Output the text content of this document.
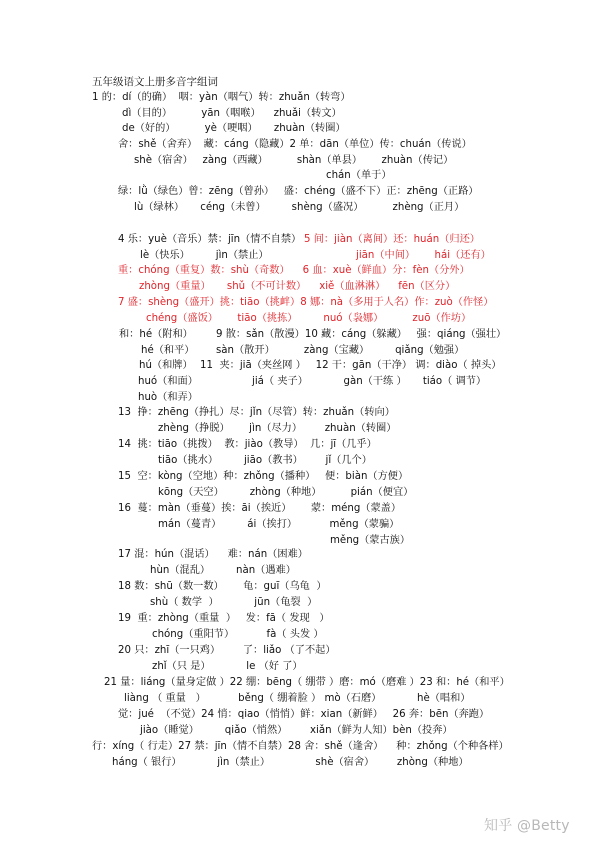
五年级语文上册多音字组词
1 的：dí（的确）  咽：yàn（咽气）转：zhuǎn（转弯）
dì（目的）         yān（咽喉）    zhuǎi（转文）
de（好的）         yè（哽咽）     zhuàn（转圈）
舍：shě（舍弃）  藏：cáng（隐藏）2 单：dān（单位）传：chuán（传说）
shè（宿舍）   zàng（西藏）         shàn（单县）      zhuàn（传记）
chán（单于）
绿：lǜ（绿色）曾：zēng（曾孙）   盛：chéng（盛不下）正：zhēng（正路）
lù（绿林）     céng（未曾）        shèng（盛况）         zhèng（正月）
4 乐：yuè（音乐）禁：jīn（情不自禁） 5 间：jiàn（离间）还：huán（归还）
lè（快乐）        jìn（禁止）	jiān（中间）      hái（还有）
重：chóng（重复）数：shù（奇数）    6 血：xuè（鲜血）分：fèn（分外）
zhòng（重量）     shǔ（不可计数）    xiě（血淋淋）    fēn（区分）
7 盛：shèng（盛开）挑：tiāo（挑衅）8 娜：nà（多用于人名）作：zuò（作怪）
chéng（盛饭）      tiāo（挑拣）        nuó（袅娜）         zuō（作坊）
和：hé（附和） 9 散：sǎn（散漫）10 藏：cáng（躲藏）   强：qiáng（强壮）
hé（和平） sàn（散开）         zàng（宝藏）        qiǎng（勉强）
hú（和牌） 11  夹：jiā（夹丝网 ）   12 干：gān（干净） 调：diào（ 掉头）
huó（和面）	jiá（ 夹子）           gàn（干练 ）     tiáo（ 调节）
huò（和弄）
13  挣：zhēng（挣扎）尽：jǐn（尽管）转：zhuǎn（转向）
zhèng（挣脱）      jìn（尽力）       zhuàn（转圈）
14  挑：tiāo（挑拨）  教：jiào（教导）  几：jī（几乎）
tiāo（挑水）        jiāo（教书）       jǐ（几个）
15  空：kòng（空地）种：zhǒng（播种）   便：biàn（方便）
kōng（天空）        zhòng（种地）         pián（便宜）
16  蔓：màn（垂蔓）挨：āi（挨近）      蒙：méng（蒙盖）
mán（蔓青）        ái（挨打）          měng（蒙骗）
měng（蒙古族）
17 混：hún（混话）    难：nán（困难）
hùn（混乱）        nàn（遇难）
18 数：shū（数一数）      龟：guī（乌龟  ）
shù（ 数学  ）           jūn（龟裂  ）
19  重：zhòng（重量  ）   发：fā（ 发现   ）
chóng（重阳节）          fà（ 头发 ）
20 只：zhī（一只鸡）       了：liǎo （了不起）
zhǐ（只 是）           le （好 了）
21 量：liáng（量身定做 ）22 绷：bēng（ 绷带 ）磨：mó（磨难 ）23 和：hé（和平）
liàng （ 重量   ）          běng（ 绷着脸 ） mò（石磨）           hè（唱和）
觉：jué  （不觉）24 悄：qiao（悄悄）鲜：xian（新鲜）   26 奔：bēn（奔跑）
jiào（睡觉）        qiǎo（悄然）       xiǎn（鲜为人知）bèn（投奔）
行：xíng（ 行走）27 禁：jīn（情不自禁）28 舍：shě（逢舍）    种：zhǒng（个种各样）
háng（ 银行）           jìn（禁止）              shè（宿舍）       zhòng（种地）
知乎 @Betty
